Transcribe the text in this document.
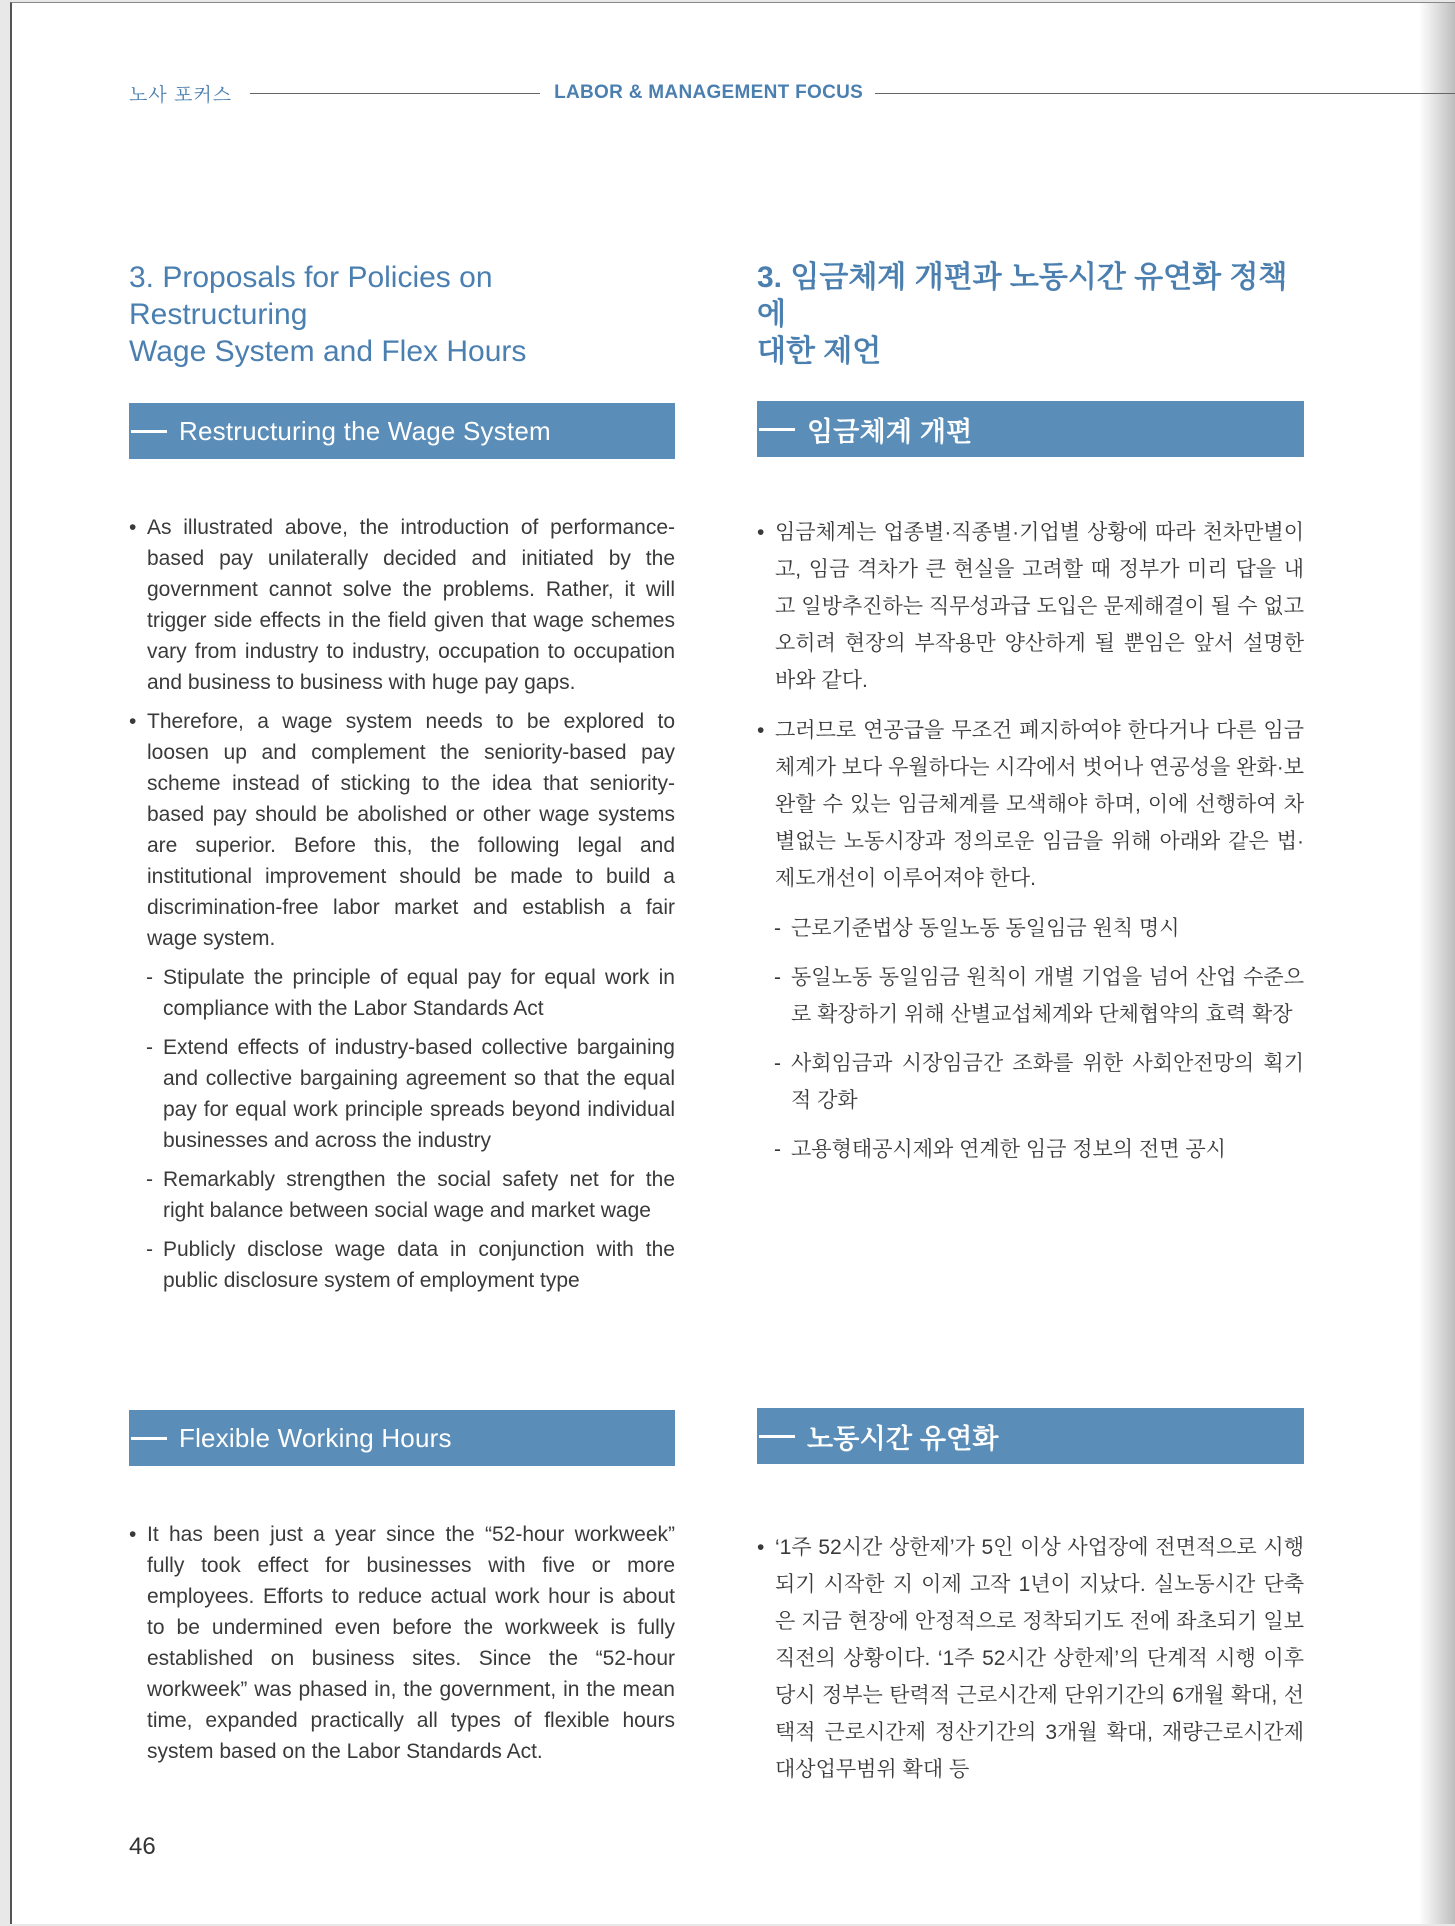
노사 포커스	LABOR & MANAGEMENT FOCUS
3. Proposals for Policies on Restructuring
Wage System and Flex Hours
Restructuring the Wage System

• As illustrated above, the introduction of performance-based pay unilaterally decided and initiated by the government cannot solve the problems. Rather, it will trigger side effects in the field given that wage schemes vary from industry to industry, occupation to occupation and business to business with huge pay gaps.

• Therefore, a wage system needs to be explored to loosen up and complement the seniority-based pay scheme instead of sticking to the idea that seniority-based pay should be abolished or other wage systems are superior. Before this, the following legal and institutional improvement should be made to build a discrimination-free labor market and establish a fair wage system.

- Stipulate the principle of equal pay for equal work in compliance with the Labor Standards Act

- Extend effects of industry-based collective bargaining and collective bargaining agreement so that the equal pay for equal work principle spreads beyond individual businesses and across the industry

- Remarkably strengthen the social safety net for the right balance between social wage and market wage

- Publicly disclose wage data in conjunction with the public disclosure system of employment type

Flexible Working Hours

• It has been just a year since the “52-hour workweek” fully took effect for businesses with five or more employees. Efforts to reduce actual work hour is about to be undermined even before the workweek is fully established on business sites. Since the “52-hour workweek” was phased in, the government, in the mean time, expanded practically all types of flexible hours system based on the Labor Standards Act.

3. 임금체계 개편과 노동시간 유연화 정책에
대한 제언
임금체계 개편

• 임금체계는 업종별·직종별·기업별 상황에 따라 천차만별이고, 임금 격차가 큰 현실을 고려할 때 정부가 미리 답을 내고 일방추진하는 직무성과급 도입은 문제해결이 될 수 없고 오히려 현장의 부작용만 양산하게 될 뿐임은 앞서 설명한 바와 같다.

• 그러므로 연공급을 무조건 폐지하여야 한다거나 다른 임금체계가 보다 우월하다는 시각에서 벗어나 연공성을 완화·보완할 수 있는 임금체계를 모색해야 하며, 이에 선행하여 차별없는 노동시장과 정의로운 임금을 위해 아래와 같은 법·제도개선이 이루어져야 한다.

- 근로기준법상 동일노동 동일임금 원칙 명시

- 동일노동 동일임금 원칙이 개별 기업을 넘어 산업 수준으로 확장하기 위해 산별교섭체계와 단체협약의 효력 확장

- 사회임금과 시장임금간 조화를 위한 사회안전망의 획기적 강화

- 고용형태공시제와 연계한 임금 정보의 전면 공시

노동시간 유연화

• ‘1주 52시간 상한제’가 5인 이상 사업장에 전면적으로 시행되기 시작한 지 이제 고작 1년이 지났다. 실노동시간 단축은 지금 현장에 안정적으로 정착되기도 전에 좌초되기 일보직전의 상황이다. ‘1주 52시간 상한제’의 단계적 시행 이후 당시 정부는 탄력적 근로시간제 단위기간의 6개월 확대, 선택적 근로시간제 정산기간의 3개월 확대, 재량근로시간제 대상업무범위 확대 등

46
